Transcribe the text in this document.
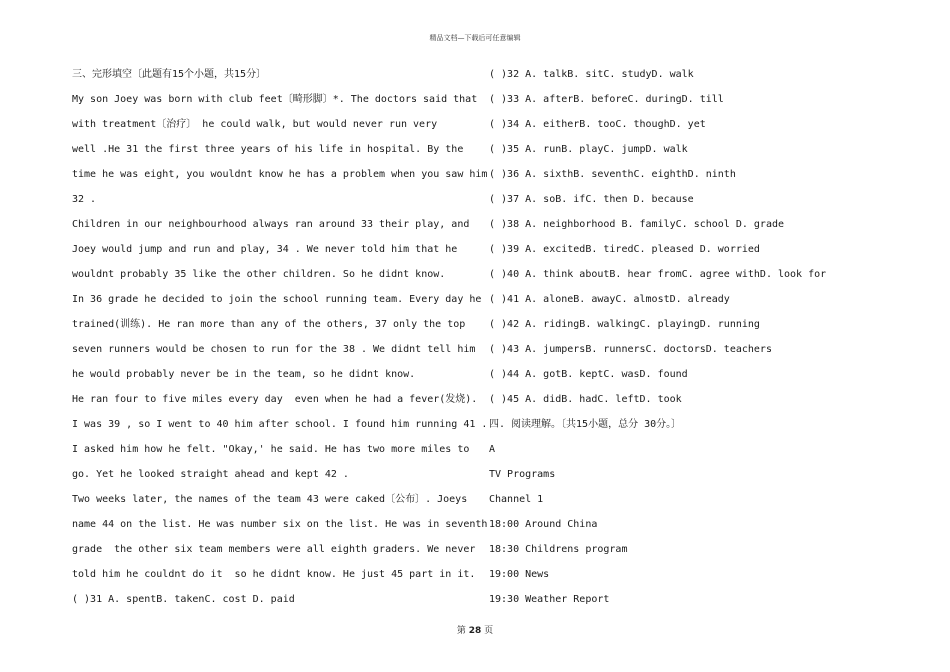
精品文档—下载后可任意编辑
三、完形填空〔此题有15个小题，共15分〕
My son Joey was born with club feet〔畸形脚〕*. The doctors said that
with treatment〔治疗〕 he could walk, but would never run very
well .He 31 the first three years of his life in hospital. By the
time he was eight, you wouldnt know he has a problem when you saw him
32 .
Children in our neighbourhood always ran around 33 their play, and
Joey would jump and run and play, 34 . We never told him that he
wouldnt probably 35 like the other children. So he didnt know.
In 36 grade he decided to join the school running team. Every day he
trained(训练). He ran more than any of the others, 37 only the top
seven runners would be chosen to run for the 38 . We didnt tell him
he would probably never be in the team, so he didnt know.
He ran four to five miles every day  even when he had a fever(发烧).
I was 39 , so I went to 40 him after school. I found him running 41 .
I asked him how he felt. "Okay,' he said. He has two more miles to
go. Yet he looked straight ahead and kept 42 .
Two weeks later, the names of the team 43 were caked〔公布〕. Joeys
name 44 on the list. He was number six on the list. He was in seventh
grade  the other six team members were all eighth graders. We never
told him he couldnt do it  so he didnt know. He just 45 part in it.
( )31 A. spentB. takenC. cost D. paid
( )32 A. talkB. sitC. studyD. walk
( )33 A. afterB. beforeC. duringD. till
( )34 A. eitherB. tooC. thoughD. yet
( )35 A. runB. playC. jumpD. walk
( )36 A. sixthB. seventhC. eighthD. ninth
( )37 A. soB. ifC. then D. because
( )38 A. neighborhood B. familyC. school D. grade
( )39 A. excitedB. tiredC. pleased D. worried
( )40 A. think aboutB. hear fromC. agree withD. look for
( )41 A. aloneB. awayC. almostD. already
( )42 A. ridingB. walkingC. playingD. running
( )43 A. jumpersB. runnersC. doctorsD. teachers
( )44 A. gotB. keptC. wasD. found
( )45 A. didB. hadC. leftD. took
四. 阅读理解。〔共15小题，总分 30分。〕
A
TV Programs
Channel 1
18:00 Around China
18:30 Childrens program
19:00 News
19:30 Weather Report
第 28 页
